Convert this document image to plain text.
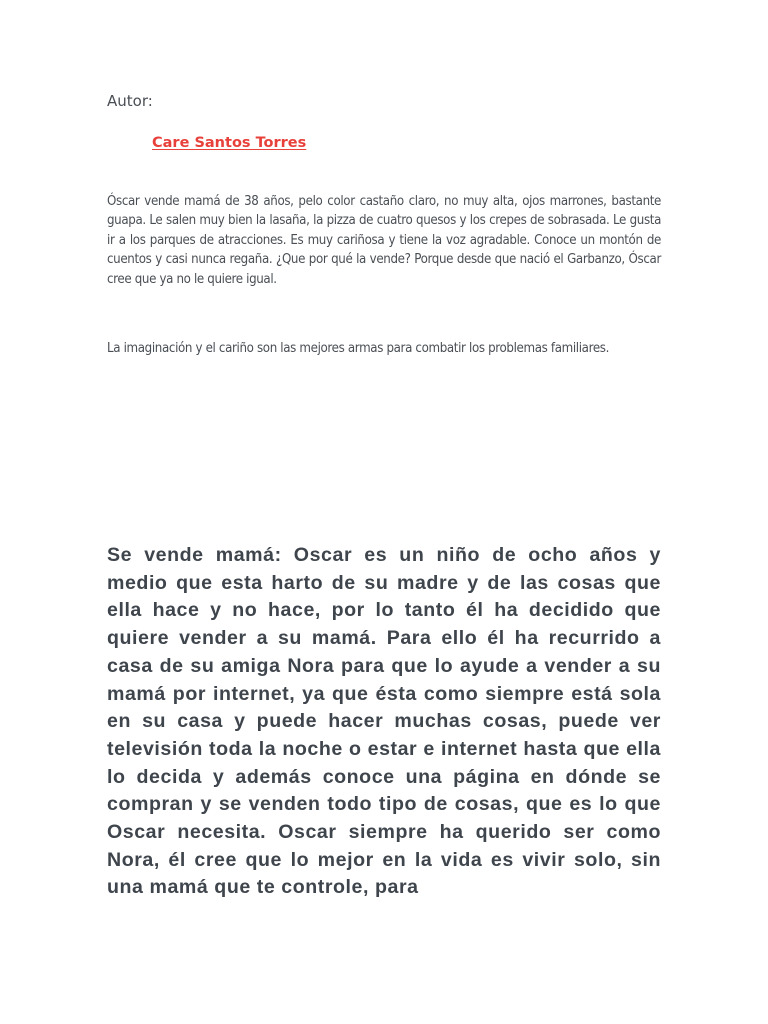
Autor:
Care Santos Torres

Óscar vende mamá de 38 años, pelo color castaño claro, no muy alta, ojos marrones, bastante guapa. Le salen muy bien la lasaña, la pizza de cuatro quesos y los crepes de sobrasada. Le gusta ir a los parques de atracciones. Es muy cariñosa y tiene la voz agradable. Conoce un montón de cuentos y casi nunca regaña. ¿Que por qué la vende? Porque desde que nació el Garbanzo, Óscar cree que ya no le quiere igual.

La imaginación y el cariño son las mejores armas para combatir los problemas familiares.

Se vende mamá: Oscar es un niño de ocho años y medio que esta harto de su madre y de las cosas que ella hace y no hace, por lo tanto él ha decidido que quiere vender a su mamá. Para ello él ha recurrido a casa de su amiga Nora para que lo ayude a vender a su mamá por internet, ya que ésta como siempre está sola en su casa y puede hacer muchas cosas, puede ver televisión toda la noche o estar e internet hasta que ella lo decida y además conoce una página en dónde se compran y se venden todo tipo de cosas, que es lo que Oscar necesita. Oscar siempre ha querido ser como Nora, él cree que lo mejor en la vida es vivir solo, sin una mamá que te controle, para
